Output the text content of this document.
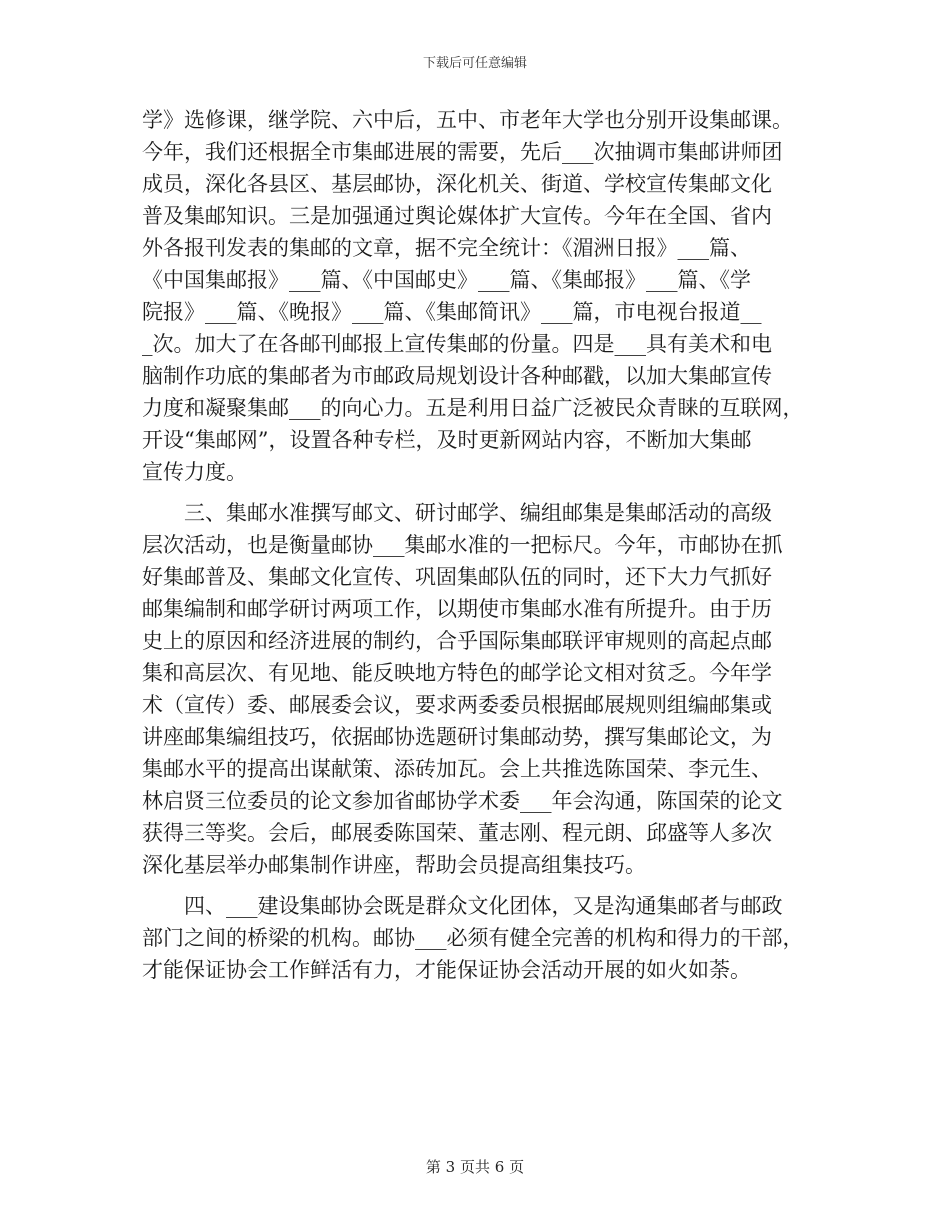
下载后可任意编辑
学》选修课，继学院、六中后，五中、市老年大学也分别开设集邮课。
今年，我们还根据全市集邮进展的需要，先后___次抽调市集邮讲师团
成员，深化各县区、基层邮协，深化机关、街道、学校宣传集邮文化
普及集邮知识。三是加强通过舆论媒体扩大宣传。今年在全国、省内
外各报刊发表的集邮的文章，据不完全统计：《湄洲日报》___篇、
《中国集邮报》___篇、《中国邮史》___篇、《集邮报》___篇、《学
院报》___篇、《晚报》___篇、《集邮简讯》___篇，市电视台报道__
_次。加大了在各邮刊邮报上宣传集邮的份量。四是___具有美术和电
脑制作功底的集邮者为市邮政局规划设计各种邮戳，以加大集邮宣传
力度和凝聚集邮___的向心力。五是利用日益广泛被民众青睐的互联网，
开设“集邮网”，设置各种专栏，及时更新网站内容，不断加大集邮
宣传力度。
　　三、集邮水准撰写邮文、研讨邮学、编组邮集是集邮活动的高级
层次活动，也是衡量邮协___集邮水准的一把标尺。今年，市邮协在抓
好集邮普及、集邮文化宣传、巩固集邮队伍的同时，还下大力气抓好
邮集编制和邮学研讨两项工作，以期使市集邮水准有所提升。由于历
史上的原因和经济进展的制约，合乎国际集邮联评审规则的高起点邮
集和高层次、有见地、能反映地方特色的邮学论文相对贫乏。今年学
术（宣传）委、邮展委会议，要求两委委员根据邮展规则组编邮集或
讲座邮集编组技巧，依据邮协选题研讨集邮动势，撰写集邮论文，为
集邮水平的提高出谋献策、添砖加瓦。会上共推选陈国荣、李元生、
林启贤三位委员的论文参加省邮协学术委___年会沟通，陈国荣的论文
获得三等奖。会后，邮展委陈国荣、董志刚、程元朗、邱盛等人多次
深化基层举办邮集制作讲座，帮助会员提高组集技巧。
　　四、___建设集邮协会既是群众文化团体，又是沟通集邮者与邮政
部门之间的桥梁的机构。邮协___必须有健全完善的机构和得力的干部，
才能保证协会工作鲜活有力，才能保证协会活动开展的如火如荼。
第 3 页共 6 页
